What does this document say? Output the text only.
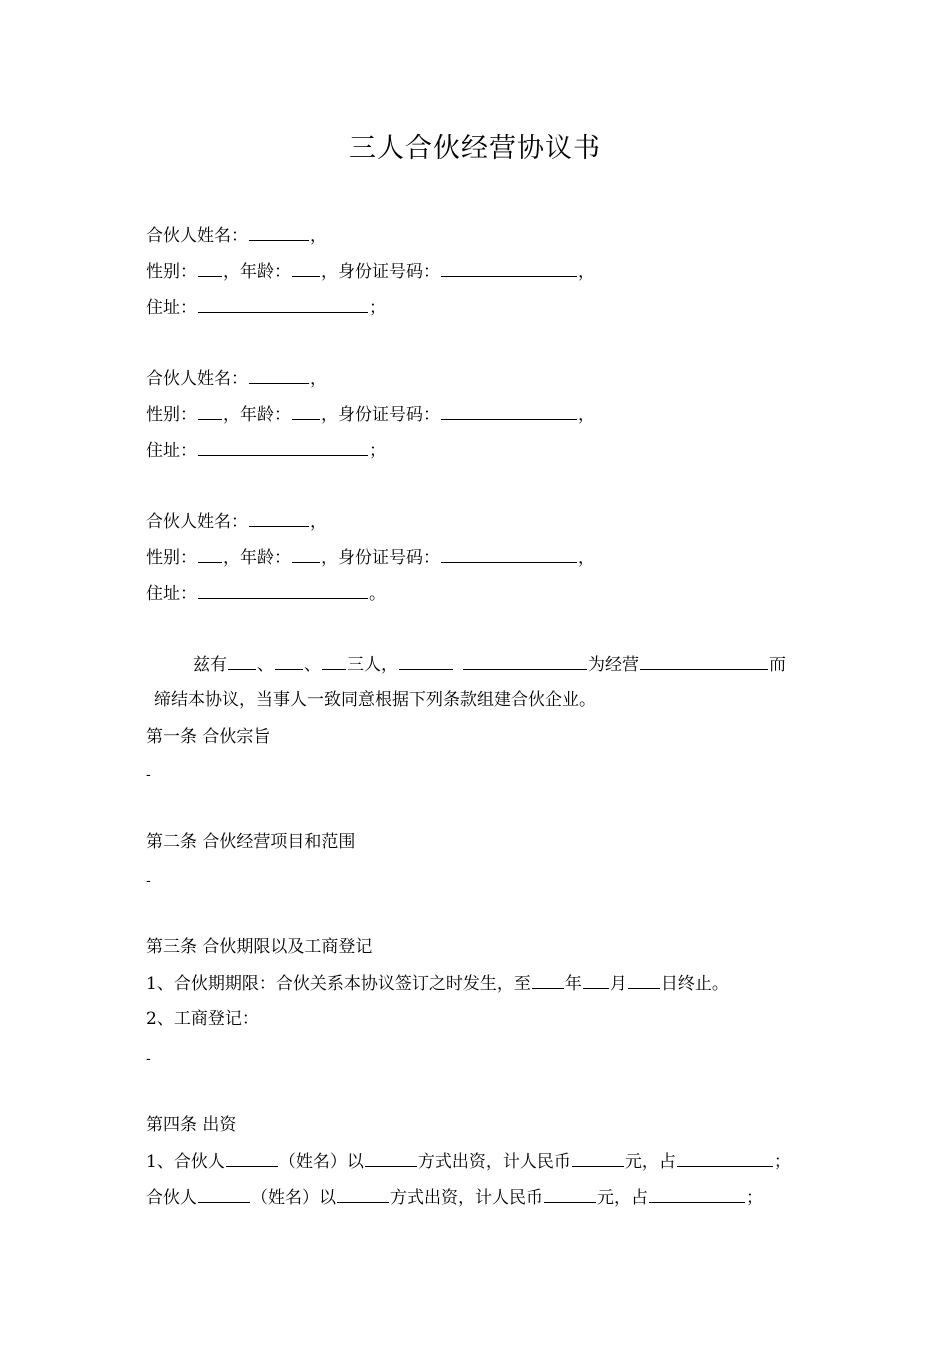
三人合伙经营协议书
合伙人姓名：	，
性别： ，年龄： ，身份证号码：	，
住址：	；
合伙人姓名：	，
性别： ，年龄： ，身份证号码：	，
住址：	；
合伙人姓名：	，
性别： ，年龄： ，身份证号码：	，
住址：	。
兹有 、 、 三人，	为经营	而
缔结本协议，当事人一致同意根据下列条款组建合伙企业。
第一条 合伙宗旨
-
第二条 合伙经营项目和范围
-
第三条 合伙期限以及工商登记
1、合伙期期限：合伙关系本协议签订之时发生，至 年 月 日终止。
2、工商登记：
-
第四条 出资
1、合伙人	（姓名）以	方式出资，计人民币	元，占	；
合伙人	（姓名）以	方式出资，计人民币	元，占	；
